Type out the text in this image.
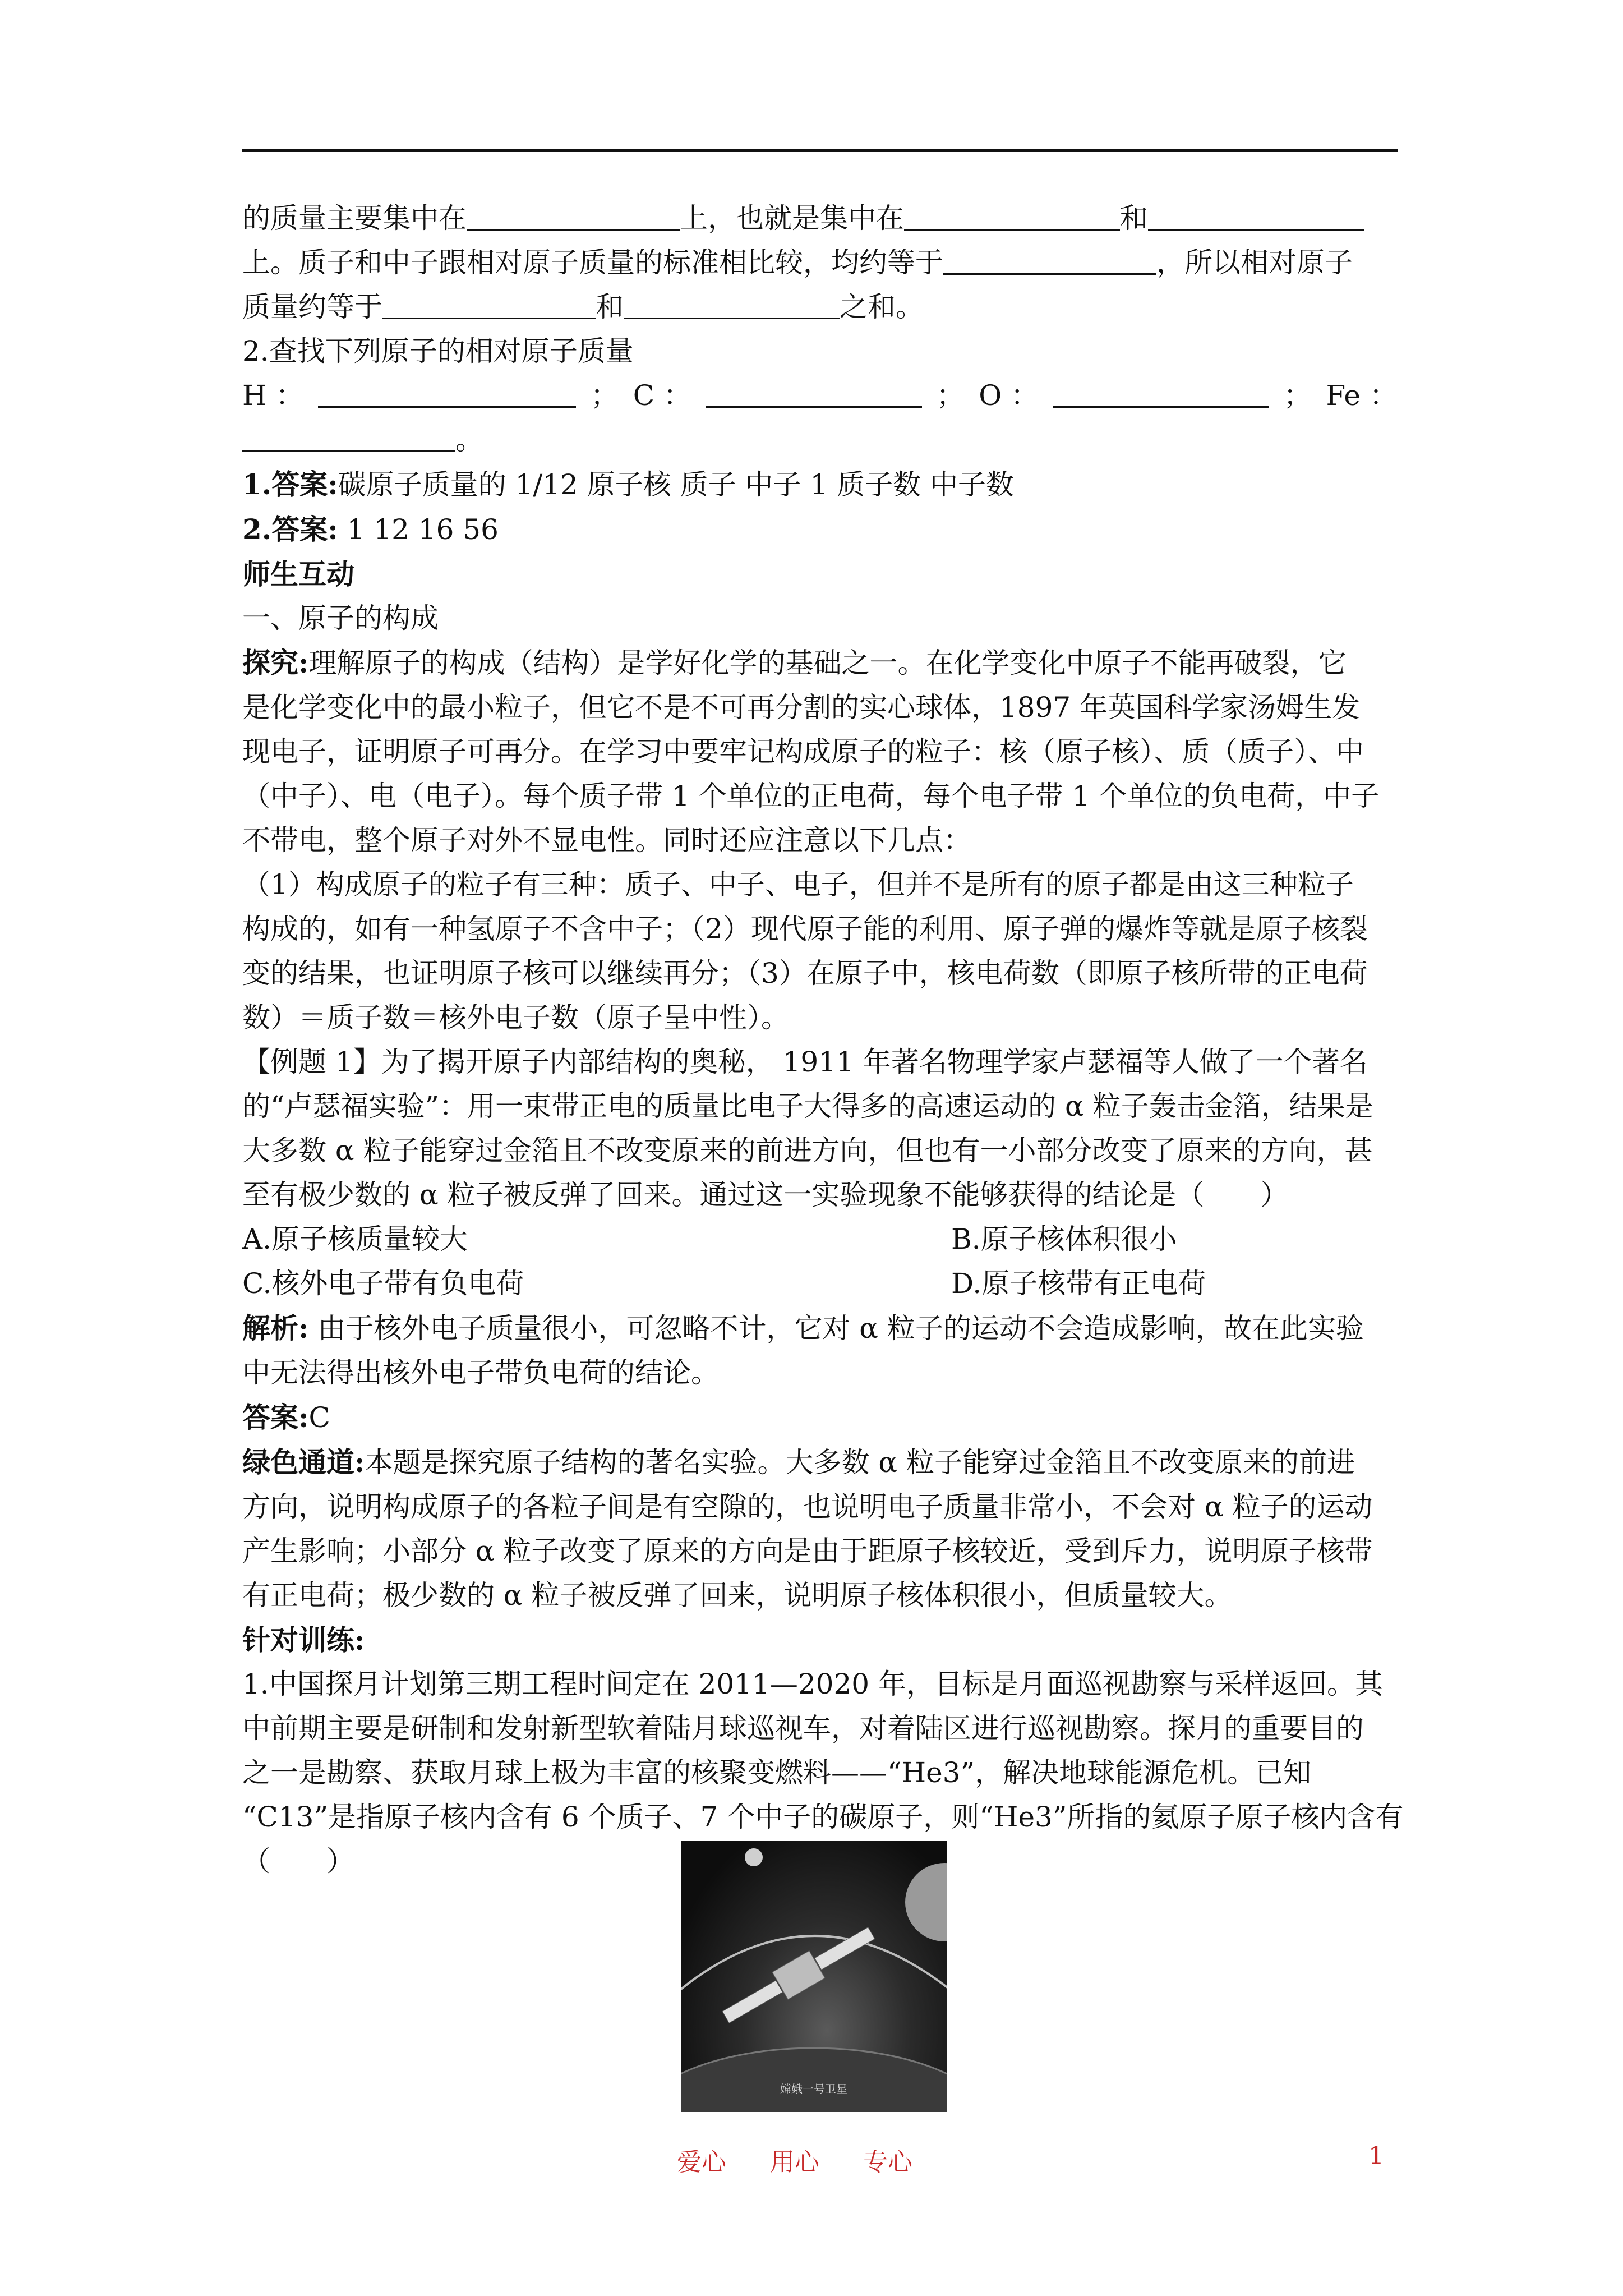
的质量主要集中在	上，也就是集中在	和
上。质子和中子跟相对原子质量的标准相比较，均约等于	，所以相对原子
质量约等于	和	之和。
2.查找下列原子的相对原子质量
H ：	； C ：	； O ：	； Fe ：
。
1.答案:碳原子质量的 1/12 原子核 质子 中子 1 质子数 中子数
2.答案: 1 12 16 56
师生互动
一、原子的构成
探究:理解原子的构成（结构）是学好化学的基础之一。在化学变化中原子不能再破裂，它
是化学变化中的最小粒子，但它不是不可再分割的实心球体，1897 年英国科学家汤姆生发
现电子，证明原子可再分。在学习中要牢记构成原子的粒子：核（原子核）、质（质子）、中
（中子）、电（电子）。每个质子带 1 个单位的正电荷，每个电子带 1 个单位的负电荷，中子
不带电，整个原子对外不显电性。同时还应注意以下几点：
（1）构成原子的粒子有三种：质子、中子、电子，但并不是所有的原子都是由这三种粒子
构成的，如有一种氢原子不含中子；（2）现代原子能的利用、原子弹的爆炸等就是原子核裂
变的结果，也证明原子核可以继续再分；（3）在原子中，核电荷数（即原子核所带的正电荷
数）＝质子数＝核外电子数（原子呈中性）。
【例题 1】为了揭开原子内部结构的奥秘， 1911 年著名物理学家卢瑟福等人做了一个著名
的“卢瑟福实验”：用一束带正电的质量比电子大得多的高速运动的 α 粒子轰击金箔，结果是
大多数 α 粒子能穿过金箔且不改变原来的前进方向，但也有一小部分改变了原来的方向，甚
至有极少数的 α 粒子被反弹了回来。通过这一实验现象不能够获得的结论是（　　）
A.原子核质量较大	B.原子核体积很小
C.核外电子带有负电荷	D.原子核带有正电荷
解析: 由于核外电子质量很小，可忽略不计，它对 α 粒子的运动不会造成影响，故在此实验
中无法得出核外电子带负电荷的结论。
答案:C
绿色通道:本题是探究原子结构的著名实验。大多数 α 粒子能穿过金箔且不改变原来的前进
方向，说明构成原子的各粒子间是有空隙的，也说明电子质量非常小，不会对 α 粒子的运动
产生影响；小部分 α 粒子改变了原来的方向是由于距原子核较近，受到斥力，说明原子核带
有正电荷；极少数的 α 粒子被反弹了回来，说明原子核体积很小，但质量较大。
针对训练:
1.中国探月计划第三期工程时间定在 2011—2020 年，目标是月面巡视勘察与采样返回。其
中前期主要是研制和发射新型软着陆月球巡视车，对着陆区进行巡视勘察。探月的重要目的
之一是勘察、获取月球上极为丰富的核聚变燃料——“He3”，解决地球能源危机。已知
“C13”是指原子核内含有 6 个质子、7 个中子的碳原子，则“He3”所指的氦原子原子核内含有
（　　）
嫦娥一号卫星
爱心　 用心　 专心	1
